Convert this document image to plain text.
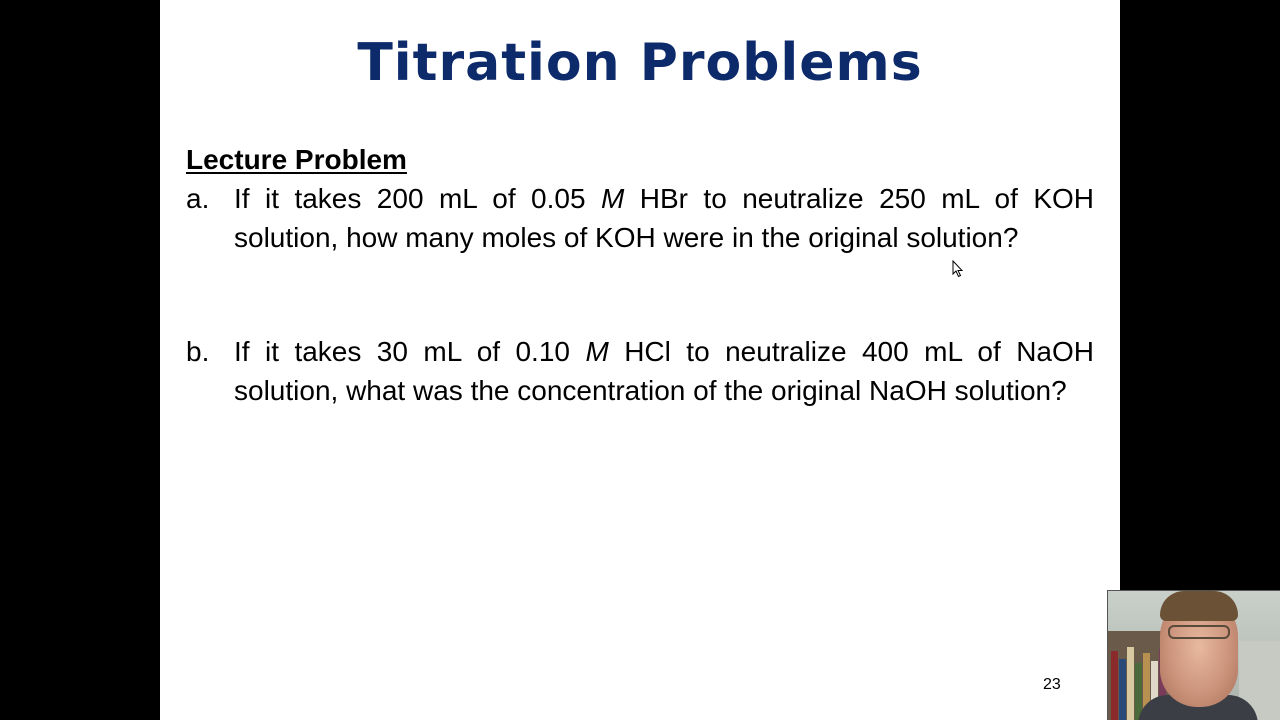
Titration Problems
Lecture Problem
a. If it takes 200 mL of 0.05 M HBr to neutralize 250 mL of KOH solution, how many moles of KOH were in the original solution?
b. If it takes 30 mL of 0.10 M HCl to neutralize 400 mL of NaOH solution, what was the concentration of the original NaOH solution?
23
